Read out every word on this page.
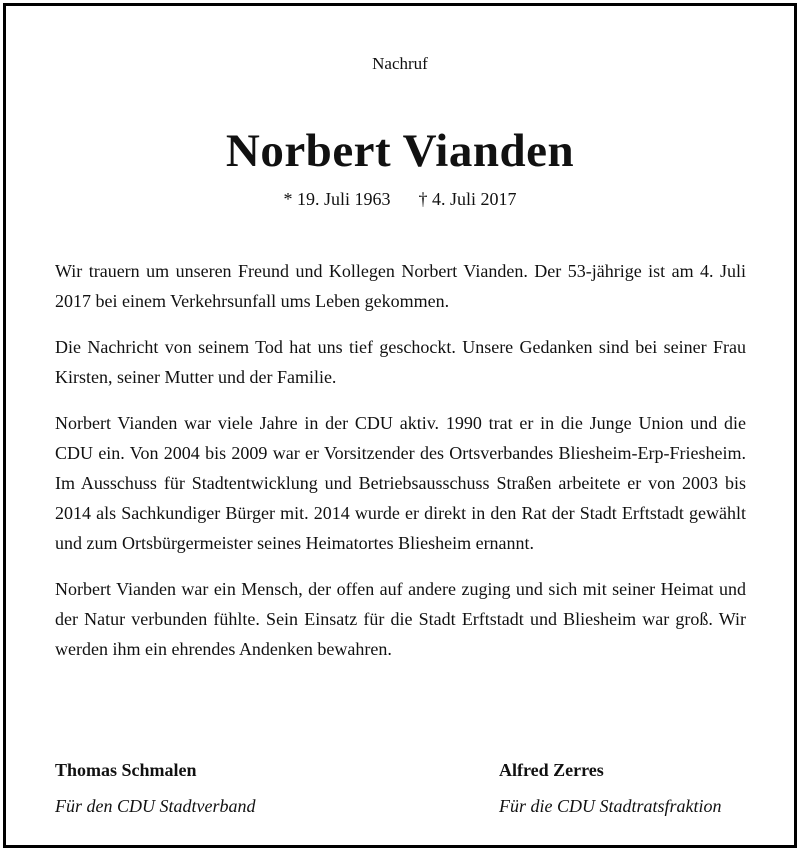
Nachruf
Norbert Vianden
* 19. Juli 1963 † 4. Juli 2017

Wir trauern um unseren Freund und Kollegen Norbert Vianden. Der 53-jährige ist am 4. Juli 2017 bei einem Verkehrsunfall ums Leben gekommen.

Die Nachricht von seinem Tod hat uns tief geschockt. Unsere Gedanken sind bei seiner Frau Kirsten, seiner Mutter und der Familie.

Norbert Vianden war viele Jahre in der CDU aktiv. 1990 trat er in die Junge Union und die CDU ein. Von 2004 bis 2009 war er Vorsitzender des Ortsverbandes Bliesheim-Erp-Friesheim. Im Ausschuss für Stadtentwicklung und Betriebsausschuss Straßen arbeitete er von 2003 bis 2014 als Sachkundiger Bürger mit. 2014 wurde er direkt in den Rat der Stadt Erftstadt gewählt und zum Ortsbürgermeister seines Heimatortes Bliesheim ernannt.

Norbert Vianden war ein Mensch, der offen auf andere zuging und sich mit seiner Heimat und der Natur verbunden fühlte. Sein Einsatz für die Stadt Erftstadt und Bliesheim war groß. Wir werden ihm ein ehrendes Andenken bewahren.

Thomas Schmalen
Für den CDU Stadtverband
Alfred Zerres
Für die CDU Stadtratsfraktion
